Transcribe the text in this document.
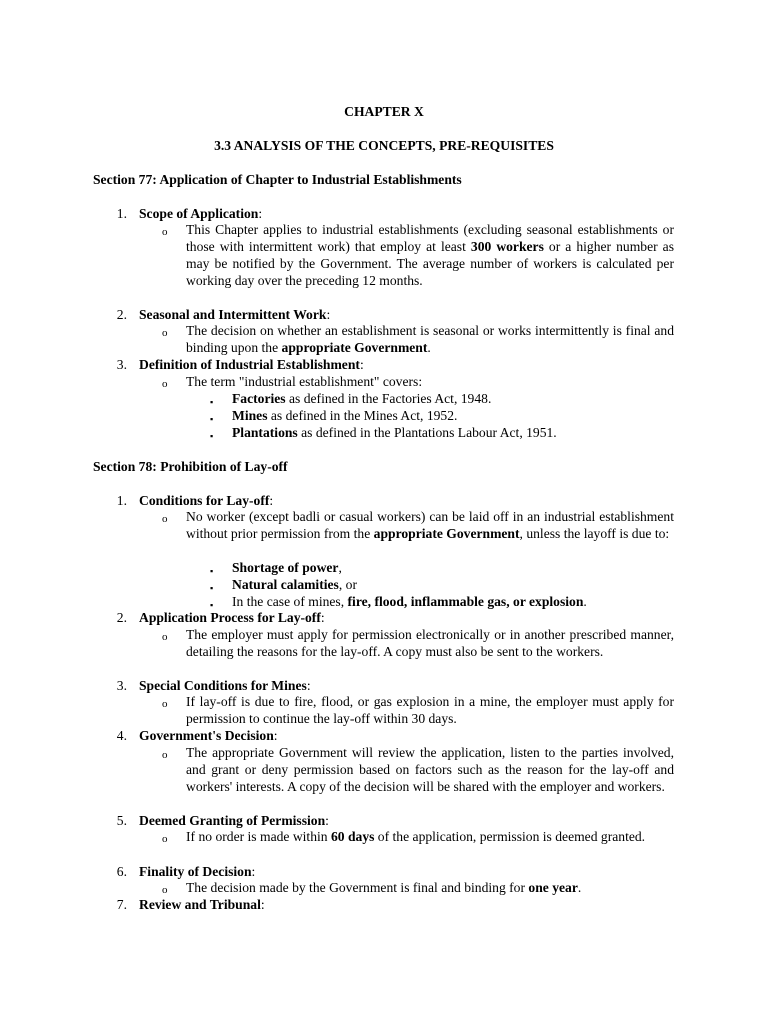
CHAPTER X

3.3 ANALYSIS OF THE CONCEPTS, PRE-REQUISITES

Section 77: Application of Chapter to Industrial Establishments

1. Scope of Application:
o This Chapter applies to industrial establishments (excluding seasonal establishments or those with intermittent work) that employ at least 300 workers or a higher number as may be notified by the Government. The average number of workers is calculated per working day over the preceding 12 months.

2. Seasonal and Intermittent Work:
o The decision on whether an establishment is seasonal or works intermittently is final and binding upon the appropriate Government.

3. Definition of Industrial Establishment:
o The term "industrial establishment" covers:

▪ Factories as defined in the Factories Act, 1948.
▪ Mines as defined in the Mines Act, 1952.
▪ Plantations as defined in the Plantations Labour Act, 1951.

Section 78: Prohibition of Lay-off

1. Conditions for Lay-off:
o No worker (except badli or casual workers) can be laid off in an industrial establishment without prior permission from the appropriate Government, unless the layoff is due to:

▪ Shortage of power,
▪ Natural calamities, or
▪ In the case of mines, fire, flood, inflammable gas, or explosion.
2. Application Process for Lay-off:
o The employer must apply for permission electronically or in another prescribed manner, detailing the reasons for the lay-off. A copy must also be sent to the workers.

3. Special Conditions for Mines:
o If lay-off is due to fire, flood, or gas explosion in a mine, the employer must apply for permission to continue the lay-off within 30 days.

4. Government's Decision:
o The appropriate Government will review the application, listen to the parties involved, and grant or deny permission based on factors such as the reason for the lay-off and workers' interests. A copy of the decision will be shared with the employer and workers.

5. Deemed Granting of Permission:
o If no order is made within 60 days of the application, permission is deemed granted.

6. Finality of Decision:
o The decision made by the Government is final and binding for one year.

7. Review and Tribunal:
